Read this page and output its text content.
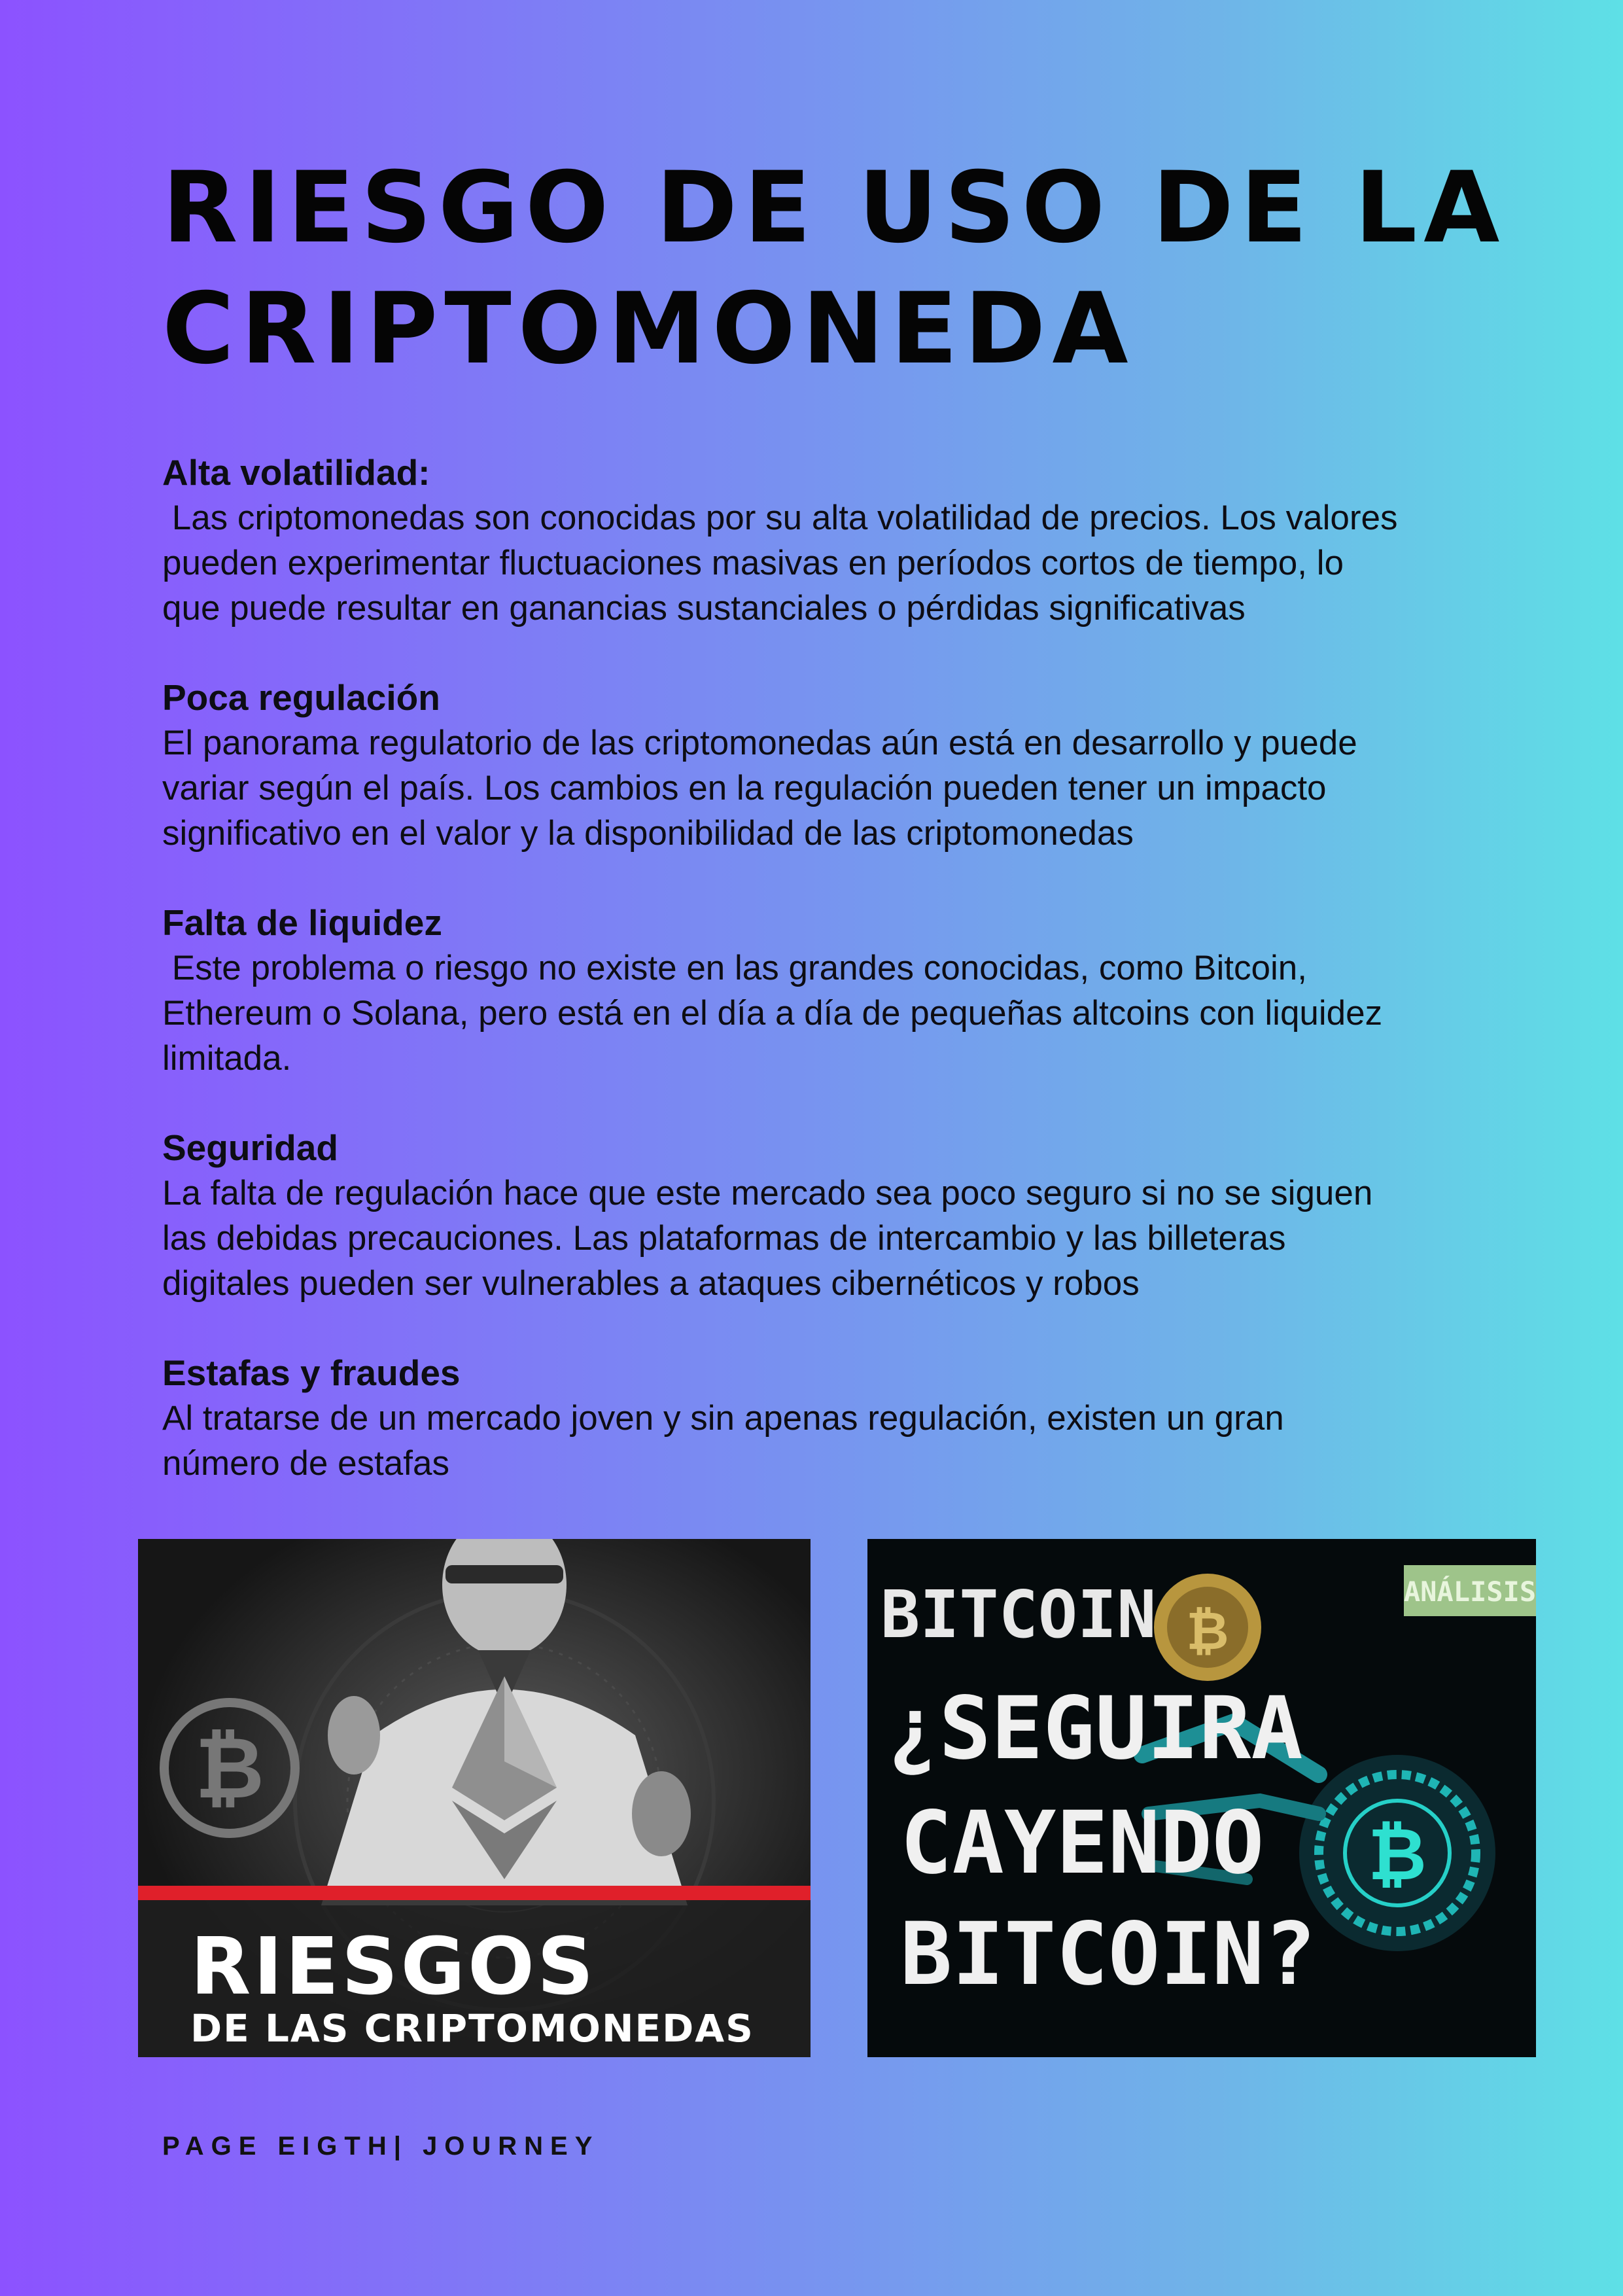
RIESGO DE USO DE LA
CRIPTOMONEDA

Alta volatilidad:

Las criptomonedas son conocidas por su alta volatilidad de precios. Los valores

pueden experimentar fluctuaciones masivas en períodos cortos de tiempo, lo

que puede resultar en ganancias sustanciales o pérdidas significativas

Poca regulación

El panorama regulatorio de las criptomonedas aún está en desarrollo y puede

variar según el país. Los cambios en la regulación pueden tener un impacto

significativo en el valor y la disponibilidad de las criptomonedas

Falta de liquidez

Este problema o riesgo no existe en las grandes conocidas, como Bitcoin,

Ethereum o Solana, pero está en el día a día de pequeñas altcoins con liquidez

limitada.

Seguridad

La falta de regulación hace que este mercado sea poco seguro si no se siguen

las debidas precauciones. Las plataformas de intercambio y las billeteras

digitales pueden ser vulnerables a ataques cibernéticos y robos

Estafas y fraudes

Al tratarse de un mercado joven y sin apenas regulación, existen un gran

número de estafas

₿
RIESGOS
DE LAS CRIPTOMONEDAS
₿
₿
ANÁLISIS
BITCOIN
¿SEGUIRA
CAYENDO
BITCOIN?
PAGE EIGTH| JOURNEY
